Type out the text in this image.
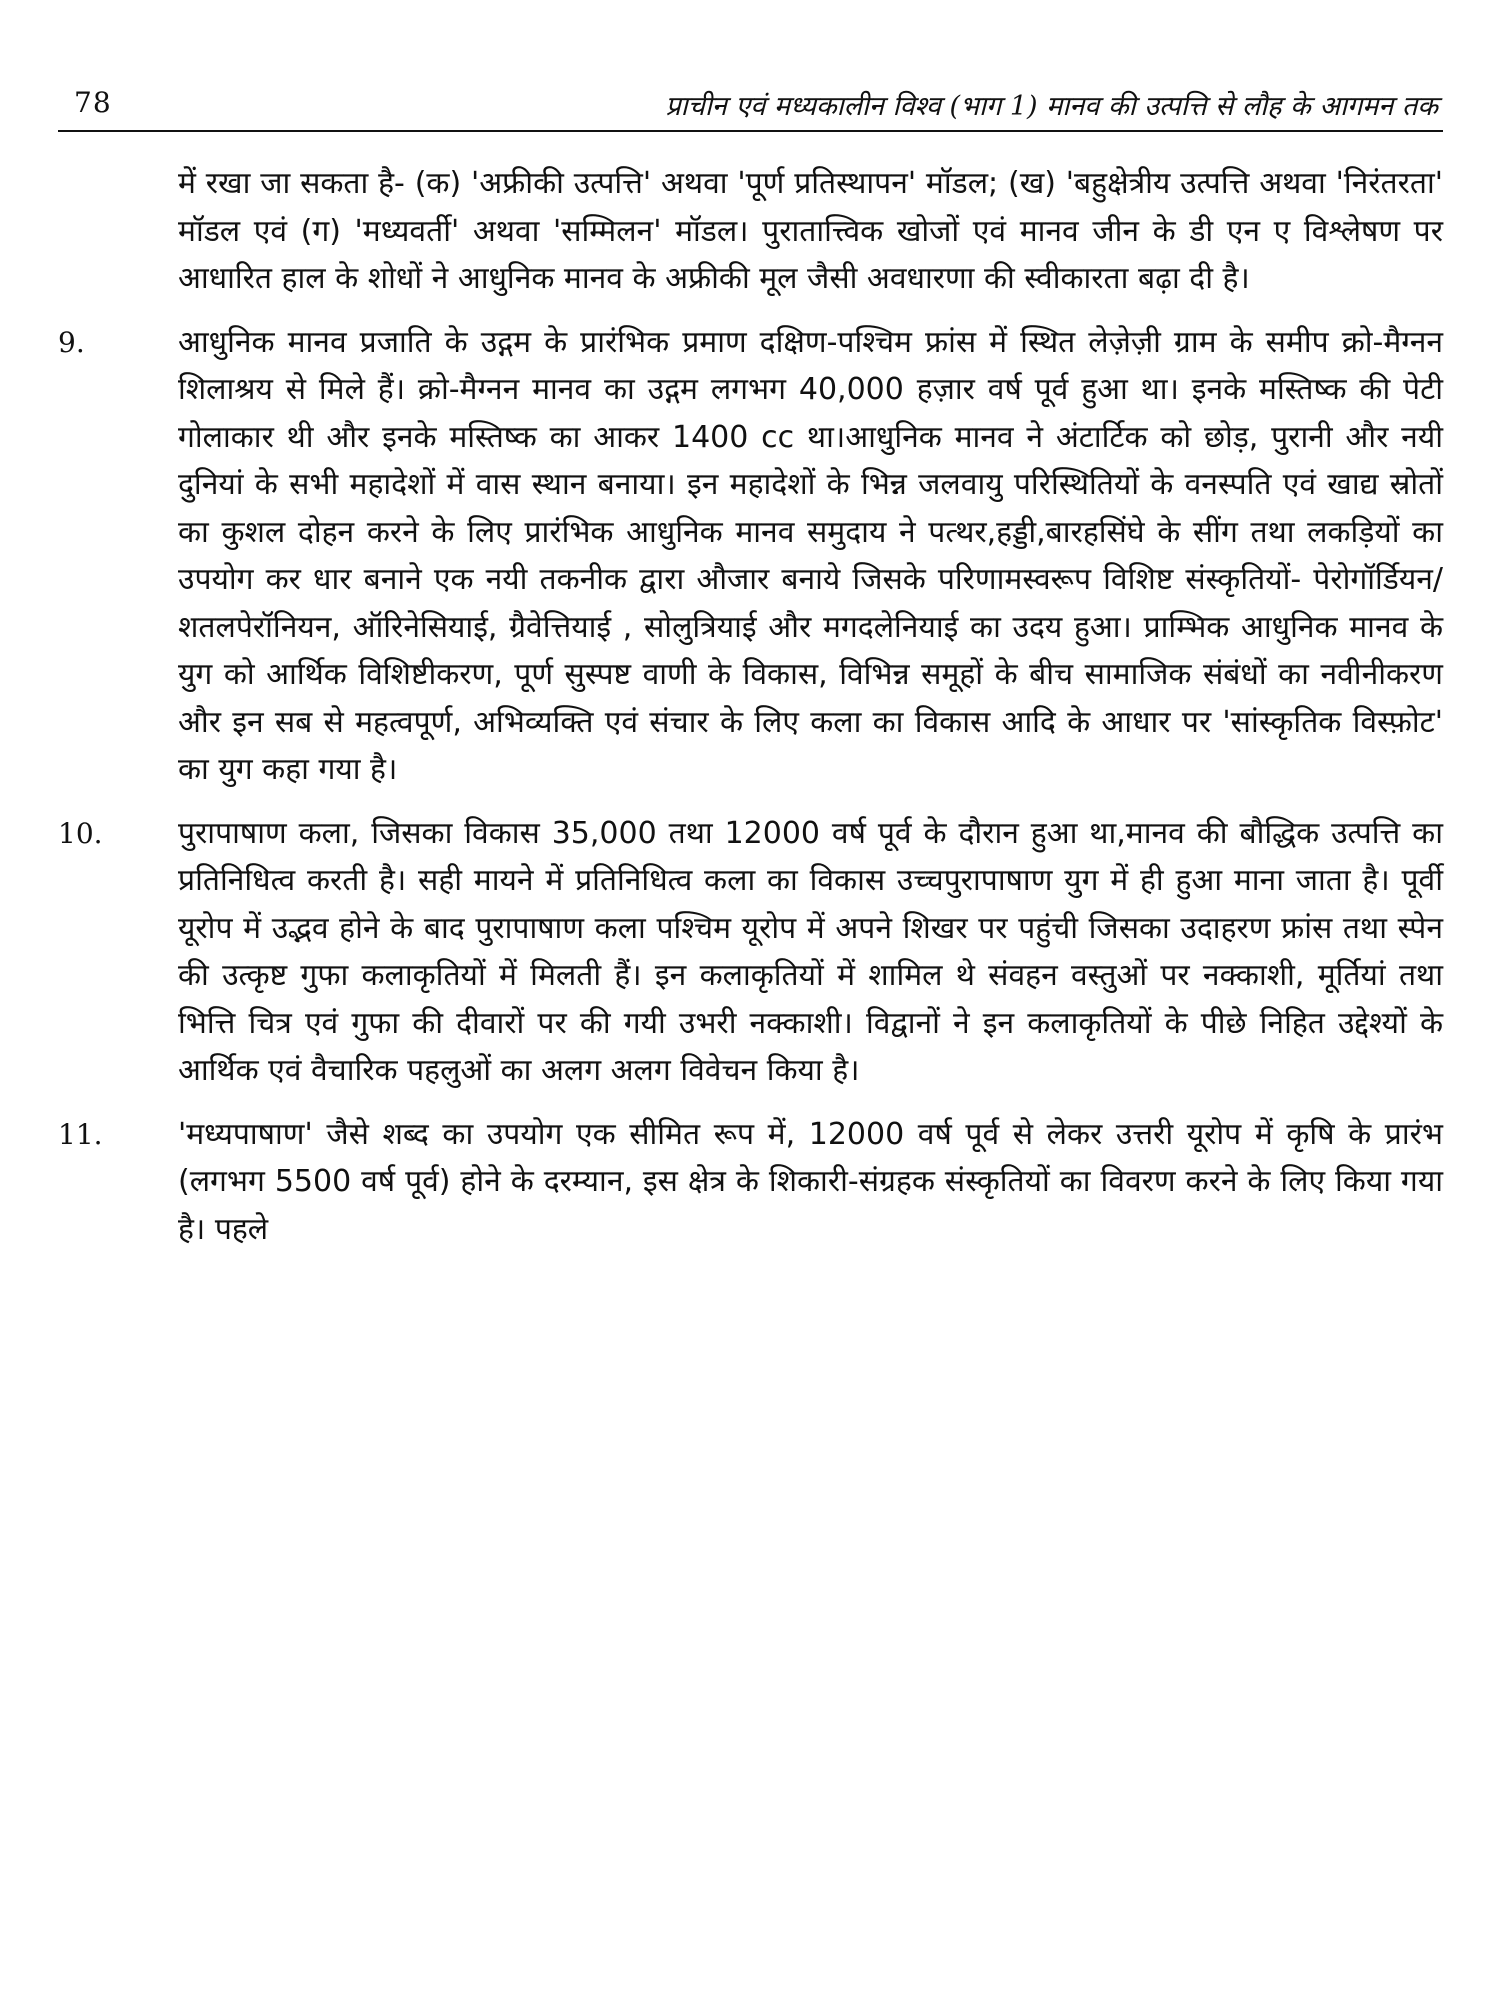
78	प्राचीन एवं मध्यकालीन विश्व (भाग 1) मानव की उत्पत्ति से लौह के आगमन तक
में रखा जा सकता है- (क) 'अफ्रीकी उत्पत्ति' अथवा 'पूर्ण प्रतिस्थापन' मॉडल; (ख) 'बहुक्षेत्रीय उत्पत्ति अथवा 'निरंतरता' मॉडल एवं (ग) 'मध्यवर्ती' अथवा 'सम्मिलन' मॉडल। पुरातात्त्विक खोजों एवं मानव जीन के डी एन ए विश्लेषण पर आधारित हाल के शोधों ने आधुनिक मानव के अफ्रीकी मूल जैसी अवधारणा की स्वीकारता बढ़ा दी है।
9.	आधुनिक मानव प्रजाति के उद्गम के प्रारंभिक प्रमाण दक्षिण-पश्चिम फ्रांस में स्थित लेज़ेज़ी ग्राम के समीप क्रो-मैग्नन शिलाश्रय से मिले हैं। क्रो-मैग्नन मानव का उद्गम लगभग 40,000 हज़ार वर्ष पूर्व हुआ था। इनके मस्तिष्क की पेटी गोलाकार थी और इनके मस्तिष्क का आकर 1400 cc था।आधुनिक मानव ने अंटार्टिक को छोड़, पुरानी और नयी दुनियां के सभी महादेशों में वास स्थान बनाया। इन महादेशों के भिन्न जलवायु परिस्थितियों के वनस्पति एवं खाद्य स्रोतों का कुशल दोहन करने के लिए प्रारंभिक आधुनिक मानव समुदाय ने पत्थर,हड्डी,बारहसिंघे के सींग तथा लकड़ियों का उपयोग कर धार बनाने एक नयी तकनीक द्वारा औजार बनाये जिसके परिणामस्वरूप विशिष्ट संस्कृतियों- पेरोगॉर्डियन/शतलपेरॉनियन, ऑरिनेसियाई, ग्रैवेत्तियाई , सोलुत्रियाई और मगदलेनियाई का उदय हुआ। प्राम्भिक आधुनिक मानव के युग को आर्थिक विशिष्टीकरण, पूर्ण सुस्पष्ट वाणी के विकास, विभिन्न समूहों के बीच सामाजिक संबंधों का नवीनीकरण और इन सब से महत्वपूर्ण, अभिव्यक्ति एवं संचार के लिए कला का विकास आदि के आधार पर 'सांस्कृतिक विस्फ़ोट' का युग कहा गया है।
10.	पुरापाषाण कला, जिसका विकास 35,000 तथा 12000 वर्ष पूर्व के दौरान हुआ था,मानव की बौद्धिक उत्पत्ति का प्रतिनिधित्व करती है। सही मायने में प्रतिनिधित्व कला का विकास उच्चपुरापाषाण युग में ही हुआ माना जाता है। पूर्वी यूरोप में उद्भव होने के बाद पुरापाषाण कला पश्चिम यूरोप में अपने शिखर पर पहुंची जिसका उदाहरण फ्रांस तथा स्पेन की उत्कृष्ट गुफा कलाकृतियों में मिलती हैं। इन कलाकृतियों में शामिल थे संवहन वस्तुओं पर नक्काशी, मूर्तियां तथा भित्ति चित्र एवं गुफा की दीवारों पर की गयी उभरी नक्काशी। विद्वानों ने इन कलाकृतियों के पीछे निहित उद्देश्यों के आर्थिक एवं वैचारिक पहलुओं का अलग अलग विवेचन किया है।
11.	'मध्यपाषाण' जैसे शब्द का उपयोग एक सीमित रूप में, 12000 वर्ष पूर्व से लेकर उत्तरी यूरोप में कृषि के प्रारंभ (लगभग 5500 वर्ष पूर्व) होने के दरम्यान, इस क्षेत्र के शिकारी-संग्रहक संस्कृतियों का विवरण करने के लिए किया गया है। पहले
